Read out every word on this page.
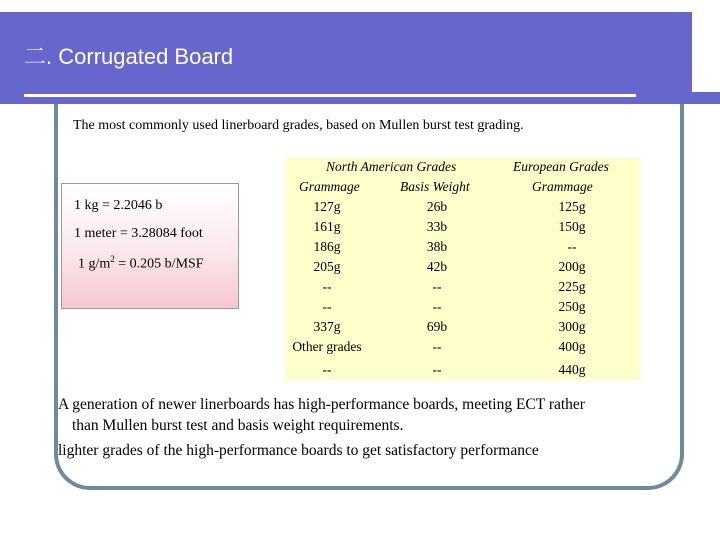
二. Corrugated Board
The most commonly used linerboard grades, based on Mullen burst test grading.
1 kg = 2.2046 b
1 meter = 3.28084 foot
1 $g/m^2 = 0.205$ b/MSF
North American Grades	European Grades
Grammage	Basis Weight	Grammage
127g	26b	125g
161g	33b	150g
186g	38b	--
205g	42b	200g
--	--	225g
--	--	250g
337g	69b	300g
Other grades	--	400g
--	--	440g
A generation of newer linerboards has high-performance boards, meeting ECT rather
than Mullen burst test and basis weight requirements.
lighter grades of the high-performance boards to get satisfactory performance
